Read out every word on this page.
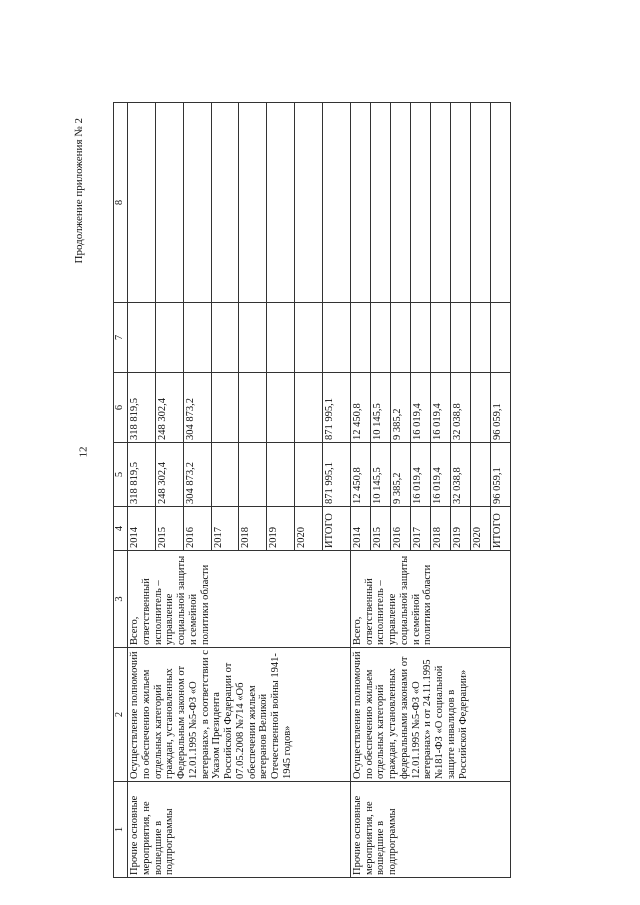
12
Продолжение приложения № 2
1	2	3	4	5	6	7	8	
Прочие основные мероприятия, не вошедшие в подпрограммы	Осуществление полномочий по обеспечению жильем отдельных категорий граждан, установленных Федеральным законом от 12.01.1995 №5-ФЗ «О ветеранах», в соответствии с Указом Президента Российской Федерации от 07.05.2008 №714 «Об обеспечении жильем ветеранов Великой Отечественной войны 1941-1945 годов»	Всего, ответственный исполнитель – управление социальной защиты и семейной политики области	2014	318 819,5	318 819,5			
			2015	248 302,4	248 302,4			
			2016	304 873,2	304 873,2			
			2017					
			2018					
			2019					
			2020					
			ИТОГО	871 995,1	871 995,1			
Прочие основные мероприятия, не вошедшие в подпрограммы	Осуществление полномочий по обеспечению жильем отдельных категорий граждан, установленных федеральными законами от 12.01.1995 №5-ФЗ «О ветеранах» и от 24.11.1995 №181-ФЗ «О социальной защите инвалидов в Российской Федерации»	Всего, ответственный исполнитель – управление социальной защиты и семейной политики области	2014	12 450,8	12 450,8			
			2015	10 145,5	10 145,5			
			2016	9 385,2	9 385,2			
			2017	16 019,4	16 019,4			
			2018	16 019,4	16 019,4			
			2019	32 038,8	32 038,8			
			2020					
			ИТОГО	96 059,1	96 059,1			
